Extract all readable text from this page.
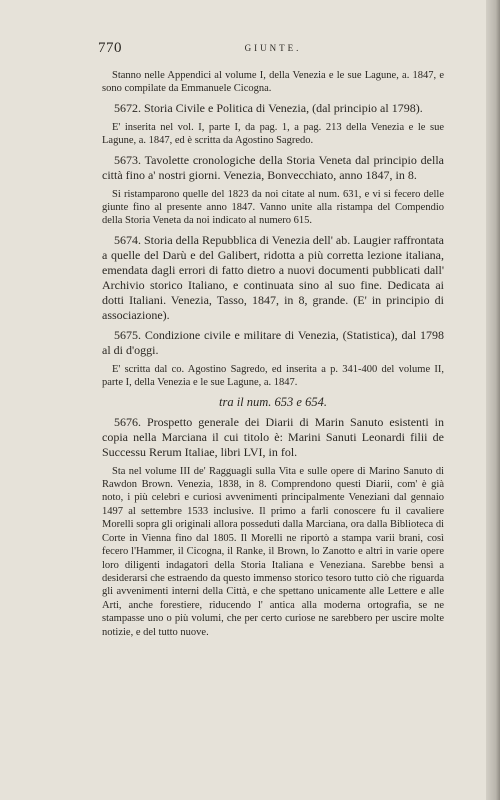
770	GIUNTE.

Stanno nelle Appendici al volume I, della Venezia e le sue Lagune, a. 1847, e sono compilate da Emmanuele Cicogna.

5672. Storia Civile e Politica di Venezia, (dal principio al 1798).

E' inserita nel vol. I, parte I, da pag. 1, a pag. 213 della Venezia e le sue Lagune, a. 1847, ed è scritta da Agostino Sagredo.

5673. Tavolette cronologiche della Storia Veneta dal principio della città fino a' nostri giorni. Venezia, Bonvecchiato, anno 1847, in 8.

Si ristamparono quelle del 1823 da noi citate al num. 631, e vi si fecero delle giunte fino al presente anno 1847. Vanno unite alla ristampa del Compendio della Storia Veneta da noi indicato al numero 615.

5674. Storia della Repubblica di Venezia dell' ab. Laugier raffrontata a quelle del Darù e del Galibert, ridotta a più corretta lezione italiana, emendata dagli errori di fatto dietro a nuovi documenti pubblicati dall' Archivio storico Italiano, e continuata sino al suo fine. Dedicata ai dotti Italiani. Venezia, Tasso, 1847, in 8, grande. (E' in principio di associazione).

5675. Condizione civile e militare di Venezia, (Statistica), dal 1798 al di d'oggi.

E' scritta dal co. Agostino Sagredo, ed inserita a p. 341-400 del volume II, parte I, della Venezia e le sue Lagune, a. 1847.

tra il num. 653 e 654.

5676. Prospetto generale dei Diarii di Marin Sanuto esistenti in copia nella Marciana il cui titolo è: Marini Sanuti Leonardi filii de Successu Rerum Italiae, libri LVI, in fol.

Sta nel volume III de' Ragguagli sulla Vita e sulle opere di Marino Sanuto di Rawdon Brown. Venezia, 1838, in 8. Comprendono questi Diarii, com' è già noto, i più celebri e curiosi avvenimenti principalmente Veneziani dal gennaio 1497 al settembre 1533 inclusive. Il primo a farli conoscere fu il cavaliere Morelli sopra gli originali allora posseduti dalla Marciana, ora dalla Biblioteca di Corte in Vienna fino dal 1805. Il Morelli ne riportò a stampa varii brani, così fecero l'Hammer, il Cicogna, il Ranke, il Brown, lo Zanotto e altri in varie opere loro diligenti indagatori della Storia Italiana e Veneziana. Sarebbe bensì a desiderarsi che estraendo da questo immenso storico tesoro tutto ciò che riguarda gli avvenimenti interni della Città, e che spettano unicamente alle Lettere e alle Arti, anche forestiere, riducendo l' antica alla moderna ortografia, se ne stampasse uno o più volumi, che per certo curiose ne sarebbero per uscire molte notizie, e del tutto nuove.
